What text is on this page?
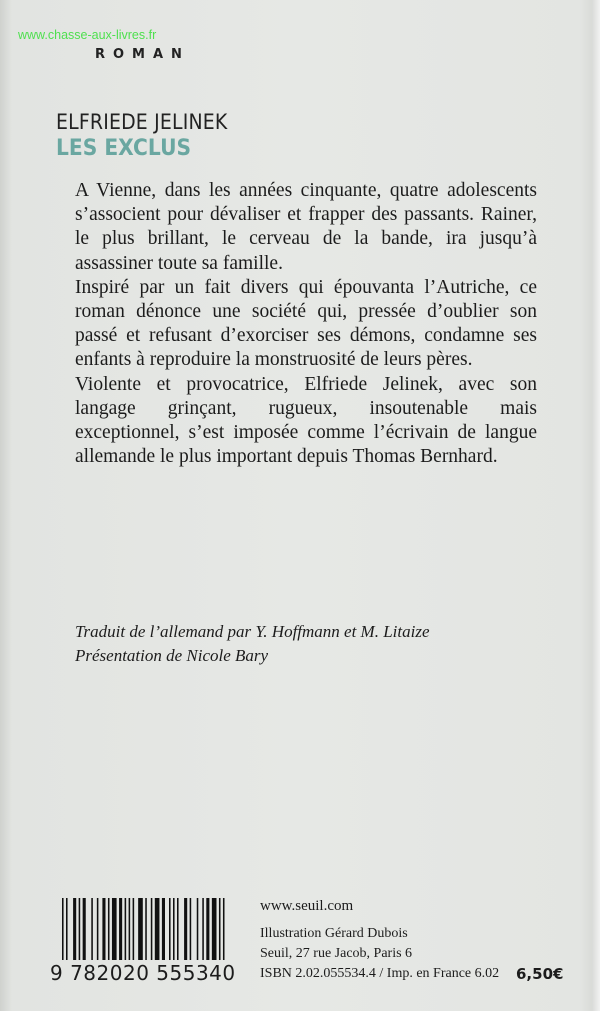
www.chasse-aux-livres.fr
ROMAN
ELFRIEDE JELINEK
LES EXCLUS

A Vienne, dans les années cinquante, quatre adolescents s’associent pour dévaliser et frapper des passants. Rainer, le plus brillant, le cerveau de la bande, ira jusqu’à assassiner toute sa famille.

Inspiré par un fait divers qui épouvanta l’Autriche, ce roman dénonce une société qui, pressée d’oublier son passé et refusant d’exorciser ses démons, condamne ses enfants à reproduire la monstruosité de leurs pères.

Violente et provocatrice, Elfriede Jelinek, avec son langage grinçant, rugueux, insoutenable mais exceptionnel, s’est imposée comme l’écrivain de langue allemande le plus important depuis Thomas Bernhard.

Traduit de l’allemand par Y. Hoffmann et M. Litaize
Présentation de Nicole Bary
9 782020 555340
www.seuil.com
Illustration Gérard Dubois
Seuil, 27 rue Jacob, Paris 6
ISBN 2.02.055534.4 / Imp. en France 6.02 6,50€
